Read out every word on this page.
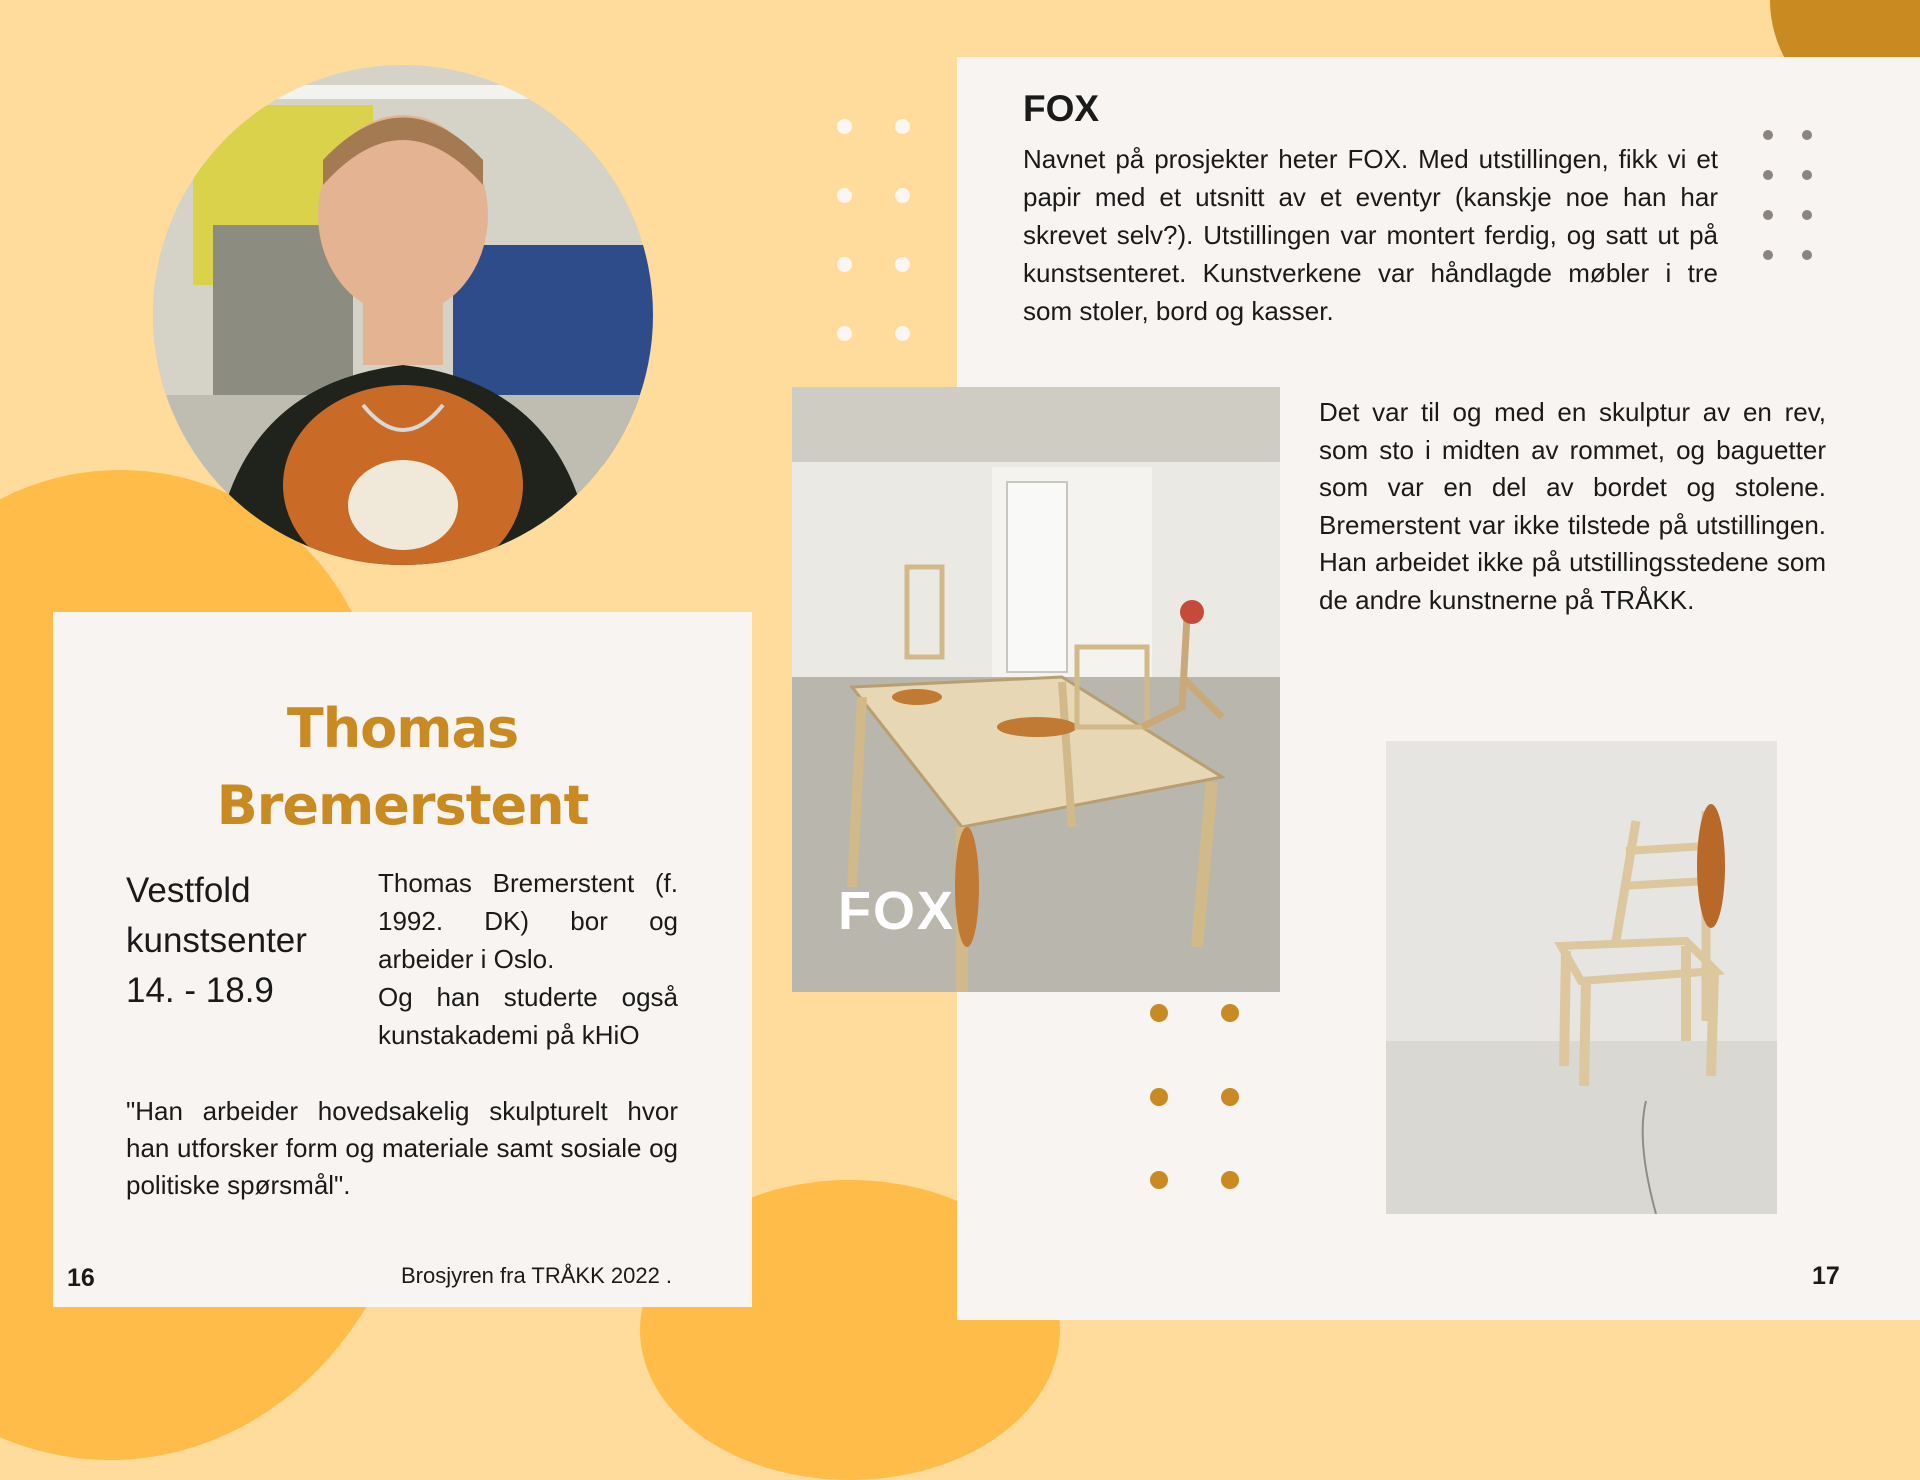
Thomas
Bremerstent
Vestfold
kunstsenter
14. - 18.9
Thomas Bremerstent (f. 1992. DK) bor og arbeider i Oslo.
Og han studerte også kunstakademi på kHiO
"Han arbeider hovedsakelig skulpturelt hvor han utforsker form og materiale samt sosiale og politiske spørsmål".
16	Brosjyren fra TRÅKK 2022 .
FOX
Navnet på prosjekter heter FOX. Med utstillingen, fikk vi et papir med et utsnitt av et eventyr (kanskje noe han har skrevet selv?). Utstillingen var montert ferdig, og satt ut på kunstsenteret. Kunstverkene var håndlagde møbler i tre som stoler, bord og kasser.
FOX
Det var til og med en skulptur av en rev, som sto i midten av rommet, og baguetter som var en del av bordet og stolene. Bremerstent var ikke tilstede på utstillingen. Han arbeidet ikke på utstillingsstedene som de andre kunstnerne på TRÅKK.
17
